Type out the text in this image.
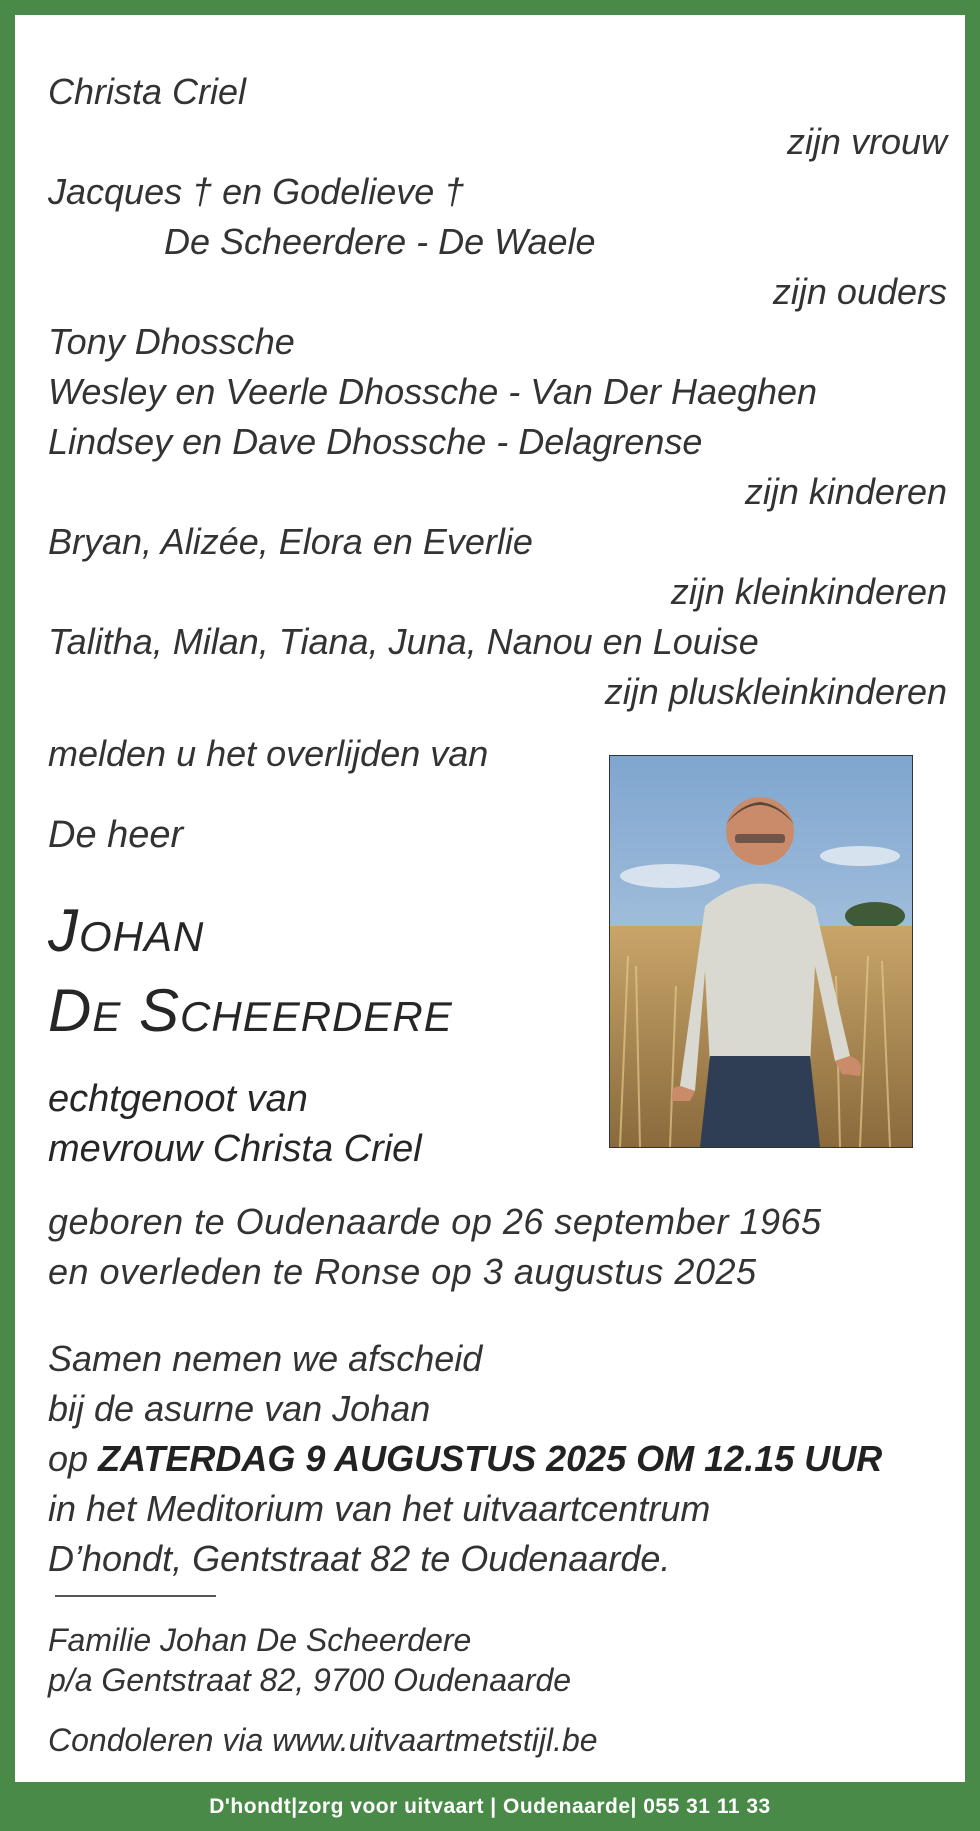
Christa Criel

zijn vrouw

Jacques † en Godelieve †

De Scheerdere - De Waele

zijn ouders

Tony Dhossche

Wesley en Veerle Dhossche - Van Der Haeghen

Lindsey en Dave Dhossche - Delagrense

zijn kinderen

Bryan, Alizée, Elora en Everlie

zijn kleinkinderen

Talitha, Milan, Tiana, Juna, Nanou en Louise

zijn pluskleinkinderen

melden u het overlijden van

De heer

Johan
De Scheerdere

echtgenoot van

mevrouw Christa Criel

geboren te Oudenaarde op 26 september 1965

en overleden te Ronse op 3 augustus 2025

Samen nemen we afscheid

bij de asurne van Johan

op ZATERDAG 9 AUGUSTUS 2025 OM 12.15 UUR

in het Meditorium van het uitvaartcentrum

D’hondt, Gentstraat 82 te Oudenaarde.

Familie Johan De Scheerdere

p/a Gentstraat 82, 9700 Oudenaarde

Condoleren via www.uitvaartmetstijl.be

D'hondt|zorg voor uitvaart | Oudenaarde| 055 31 11 33
